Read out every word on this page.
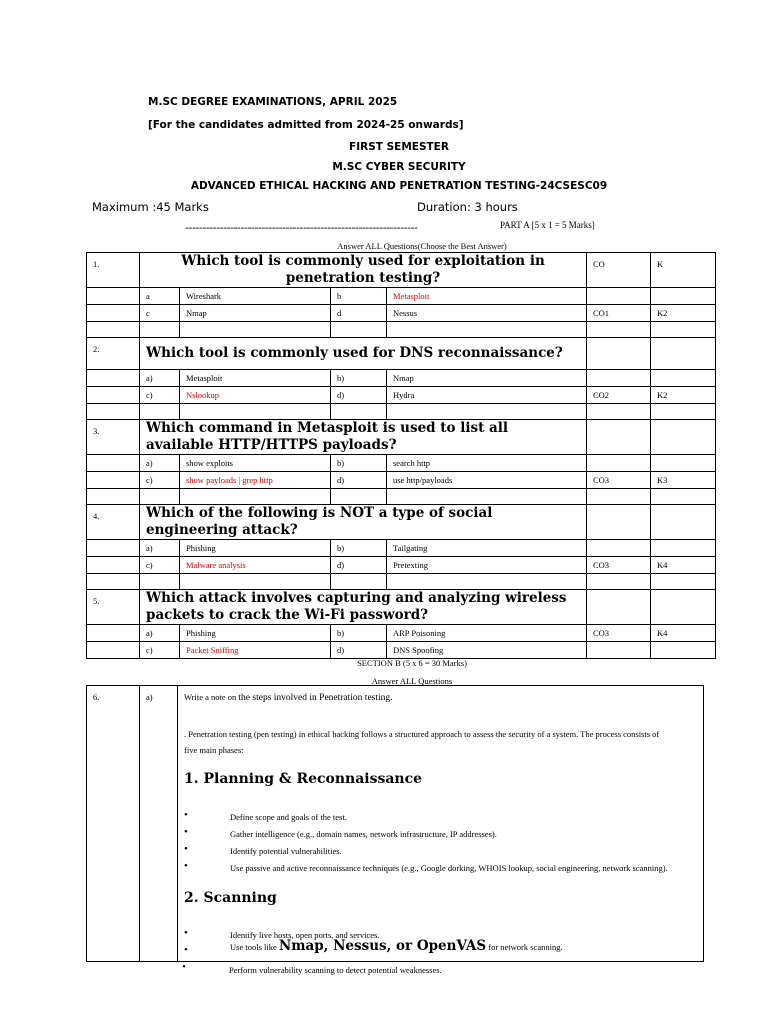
M.SC DEGREE EXAMINATIONS, APRIL 2025
[For the candidates admitted from 2024-25 onwards]
FIRST SEMESTER
M.SC CYBER SECURITY
ADVANCED ETHICAL HACKING AND PENETRATION TESTING-24CSESC09
Maximum :45 Marks	Duration: 3 hours
-------------------------------------------------------------------	PART A [5 x 1 = 5 Marks]
Answer ALL Questions(Choose the Best Answer)
1.	Which tool is commonly used for exploitation in penetration testing?				CO	K
	a	Wireshark	b	Metasploit		
	c	Nmap	d	Nessus	CO1	K2

2.	Which tool is commonly used for DNS reconnaissance?					
	a)	Metasploit	b)	Nmap		
	c)	Nslookup	d)	Hydra	CO2	K2

3.	Which command in Metasploit is used to list all available HTTP/HTTPS payloads?					
	a)	show exploits	b)	search http		
	c)	show payloads | grep http	d)	use http/payloads	CO3	K3

4.	Which of the following is NOT a type of social engineering attack?					
	a)	Phishing	b)	Tailgating		
	c)	Malware analysis	d)	Pretexting	CO3	K4

5.	Which attack involves capturing and analyzing wireless packets to crack the Wi-Fi password?					
	a)	Phishing	b)	ARP Poisoning	CO3	K4
	c)	Packet Sniffing	d)	DNS Spoofing		
SECTION B (5 x 6 = 30 Marks)
Answer ALL Questions
6.	a)	Write a note on the steps involved in Penetration testing.
. Penetration testing (pen testing) in ethical hacking follows a structured approach to assess the security of a system. The process consists of
five main phases:
1. Planning & Reconnaissance
•	Define scope and goals of the test.
•	Gather intelligence (e.g., domain names, network infrastructure, IP addresses).
•	Identify potential vulnerabilities.
•	Use passive and active reconnaissance techniques (e.g., Google dorking, WHOIS lookup, social engineering, network scanning).
2. Scanning
•	Identify live hosts, open ports, and services.
•	Use tools like Nmap, Nessus, or OpenVAS for network scanning.
•	Perform vulnerability scanning to detect potential weaknesses.
